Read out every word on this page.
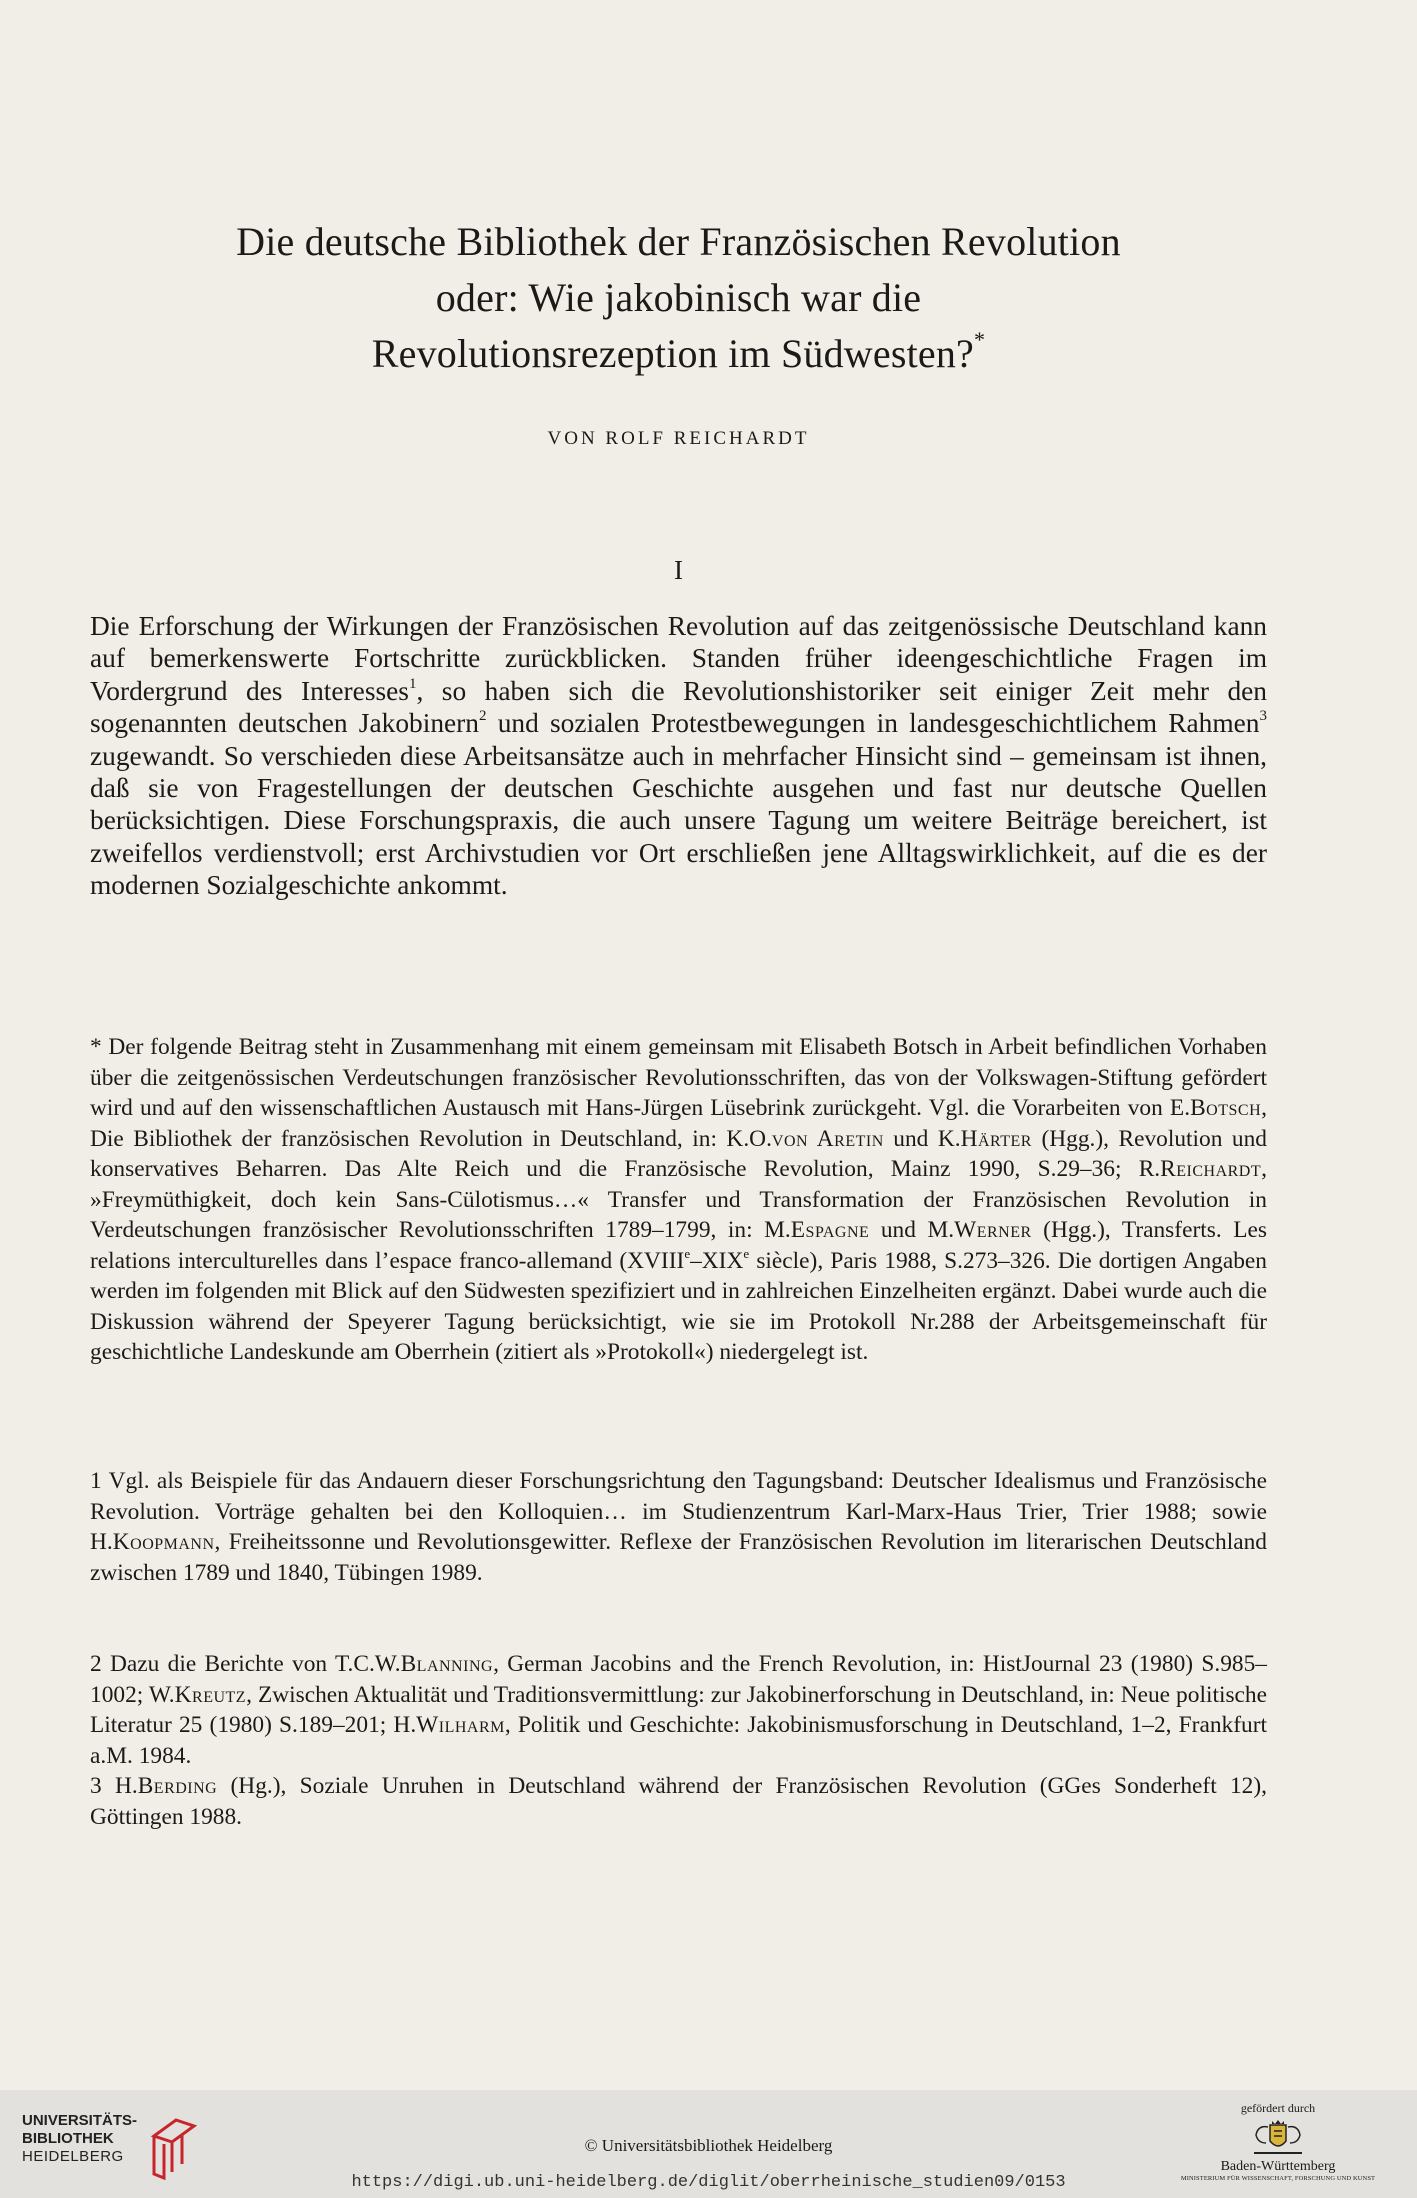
Die deutsche Bibliothek der Französischen Revolution
oder: Wie jakobinisch war die
Revolutionsrezeption im Südwesten?*
VON ROLF REICHARDT
I

Die Erforschung der Wirkungen der Französischen Revolution auf das zeitgenössische Deutschland kann auf bemerkenswerte Fortschritte zurückblicken. Standen früher ideengeschichtliche Fragen im Vordergrund des Interesses$^1$, so haben sich die Revolutionshistoriker seit einiger Zeit mehr den sogenannten deutschen Jakobinern$^2$ und sozialen Protestbewegungen in landesgeschichtlichem Rahmen$^3$ zugewandt. So verschieden diese Arbeitsansätze auch in mehrfacher Hinsicht sind – gemeinsam ist ihnen, daß sie von Fragestellungen der deutschen Geschichte ausgehen und fast nur deutsche Quellen berücksichtigen. Diese Forschungspraxis, die auch unsere Tagung um weitere Beiträge bereichert, ist zweifellos verdienstvoll; erst Archivstudien vor Ort erschließen jene Alltagswirklichkeit, auf die es der modernen Sozialgeschichte ankommt.

* Der folgende Beitrag steht in Zusammenhang mit einem gemeinsam mit Elisabeth Botsch in Arbeit befindlichen Vorhaben über die zeitgenössischen Verdeutschungen französischer Revolutionsschriften, das von der Volkswagen-Stiftung gefördert wird und auf den wissenschaftlichen Austausch mit Hans-Jürgen Lüsebrink zurückgeht. Vgl. die Vorarbeiten von E.Botsch, Die Bibliothek der französischen Revolution in Deutschland, in: K.O.von Aretin und K.Härter (Hgg.), Revolution und konservatives Beharren. Das Alte Reich und die Französische Revolution, Mainz 1990, S.29–36; R.Reichardt, »Freymüthigkeit, doch kein Sans-Cülotismus…« Transfer und Transformation der Französischen Revolution in Verdeutschungen französischer Revolutionsschriften 1789–1799, in: M.Espagne und M.Werner (Hgg.), Transferts. Les relations interculturelles dans l’espace franco-allemand (XVIIIe–XIXe siècle), Paris 1988, S.273–326. Die dortigen Angaben werden im folgenden mit Blick auf den Südwesten spezifiziert und in zahlreichen Einzelheiten ergänzt. Dabei wurde auch die Diskussion während der Speyerer Tagung berücksichtigt, wie sie im Protokoll Nr.288 der Arbeitsgemeinschaft für geschichtliche Landeskunde am Oberrhein (zitiert als »Protokoll«) niedergelegt ist.

1 Vgl. als Beispiele für das Andauern dieser Forschungsrichtung den Tagungsband: Deutscher Idealismus und Französische Revolution. Vorträge gehalten bei den Kolloquien… im Studienzentrum Karl-Marx-Haus Trier, Trier 1988; sowie H.Koopmann, Freiheitssonne und Revolutionsgewitter. Reflexe der Französischen Revolution im literarischen Deutschland zwischen 1789 und 1840, Tübingen 1989.

2 Dazu die Berichte von T.C.W.Blanning, German Jacobins and the French Revolution, in: HistJournal 23 (1980) S.985–1002; W.Kreutz, Zwischen Aktualität und Traditionsvermittlung: zur Jakobinerforschung in Deutschland, in: Neue politische Literatur 25 (1980) S.189–201; H.Wilharm, Politik und Geschichte: Jakobinismusforschung in Deutschland, 1–2, Frankfurt a.M. 1984.

3 H.Berding (Hg.), Soziale Unruhen in Deutschland während der Französischen Revolution (GGes Sonderheft 12), Göttingen 1988.

UNIVERSITÄTS-
BIBLIOTHEK
HEIDELBERG
© Universitätsbibliothek Heidelberg
https://digi.ub.uni-heidelberg.de/diglit/oberrheinische_studien09/0153
gefördert durch
Baden-Württemberg
MINISTERIUM FÜR WISSENSCHAFT, FORSCHUNG UND KUNST
